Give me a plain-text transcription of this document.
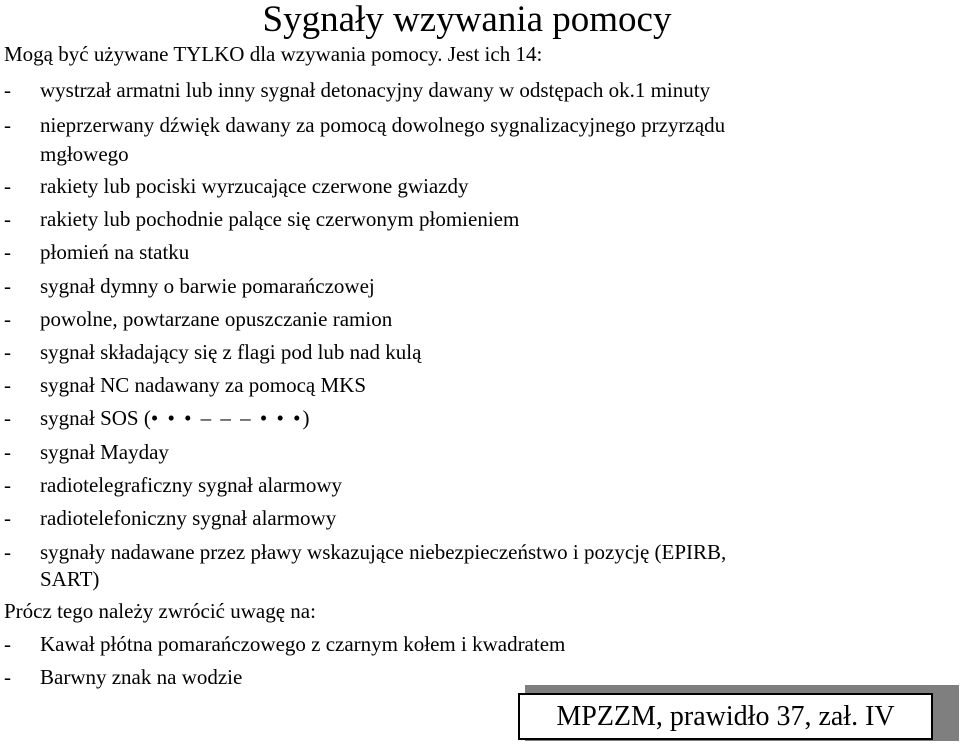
Sygnały wzywania pomocy
Mogą być używane TYLKO dla wzywania pomocy. Jest ich 14:
- wystrzał armatni lub inny sygnał detonacyjny dawany w odstępach ok.1 minuty
- nieprzerwany dźwięk dawany za pomocą dowolnego sygnalizacyjnego przyrządu
mgłowego
- rakiety lub pociski wyrzucające czerwone gwiazdy
- rakiety lub pochodnie palące się czerwonym płomieniem
- płomień na statku
- sygnał dymny o barwie pomarańczowej
- powolne, powtarzane opuszczanie ramion
- sygnał składający się z flagi pod lub nad kulą
- sygnał NC nadawany za pomocą MKS
- sygnał SOS (• • • – – – • • •)
- sygnał Mayday
- radiotelegraficzny sygnał alarmowy
- radiotelefoniczny sygnał alarmowy
- sygnały nadawane przez pławy wskazujące niebezpieczeństwo i pozycję (EPIRB,
SART)
Prócz tego należy zwrócić uwagę na:
- Kawał płótna pomarańczowego z czarnym kołem i kwadratem
- Barwny znak na wodzie
MPZZM, prawidło 37, zał. IV
